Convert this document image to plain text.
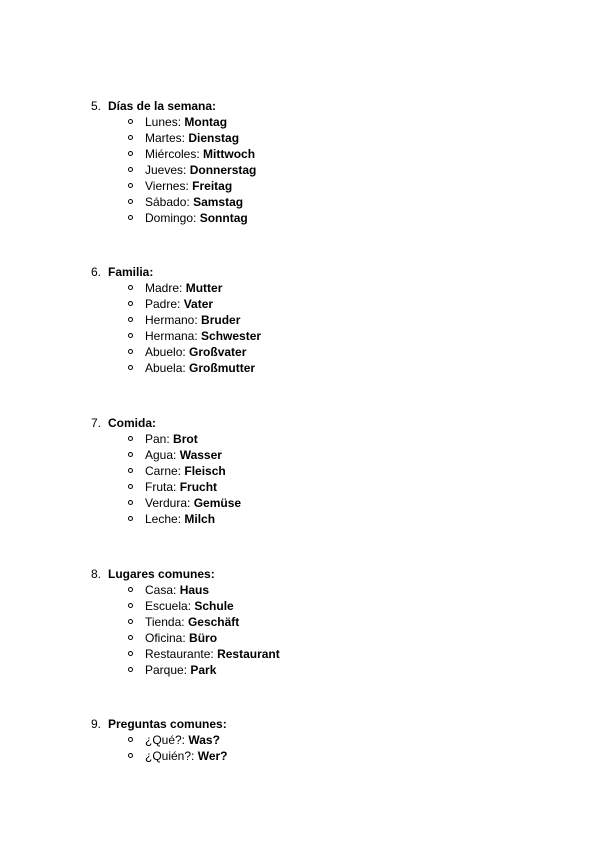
5. Días de la semana:
Lunes: Montag
Martes: Dienstag
Miércoles: Mittwoch
Jueves: Donnerstag
Viernes: Freitag
Sábado: Samstag
Domingo: Sonntag
6. Familia:
Madre: Mutter
Padre: Vater
Hermano: Bruder
Hermana: Schwester
Abuelo: Großvater
Abuela: Großmutter
7. Comida:
Pan: Brot
Agua: Wasser
Carne: Fleisch
Fruta: Frucht
Verdura: Gemüse
Leche: Milch
8. Lugares comunes:
Casa: Haus
Escuela: Schule
Tienda: Geschäft
Oficina: Büro
Restaurante: Restaurant
Parque: Park
9. Preguntas comunes:
¿Qué?: Was?
¿Quién?: Wer?
